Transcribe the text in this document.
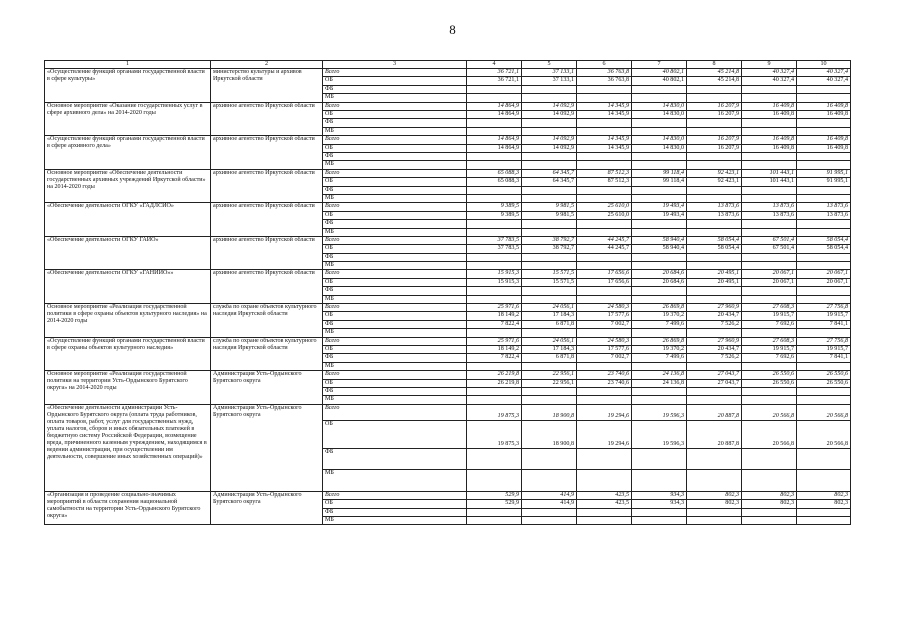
8
1	2	3	4	5	6	7	8	9	10
«Осуществление функций органами государственной власти в сфере культуры»	министерство культуры и архивов Иркутской области	Всего	36 721,1	37 133,1	36 763,8	40 802,1	45 214,8	40 327,4	40 327,4
		ОБ	36 721,1	37 133,1	36 763,8	40 802,1	45 214,8	40 327,4	40 327,4
		ФБ							
		МБ							
Основное мероприятие «Оказание государственных услуг в сфере архивного дела» на 2014-2020 годы	архивное агентство Иркутской области	Всего	14 864,9	14 092,9	14 345,9	14 830,0	16 207,9	16 409,8	16 409,8
		ОБ	14 864,9	14 092,9	14 345,9	14 830,0	16 207,9	16 409,8	16 409,8
		ФБ							
		МБ							
«Осуществление функций органами государственной власти в сфере архивного дела»	архивное агентство Иркутской области	Всего	14 864,9	14 092,9	14 345,9	14 830,0	16 207,9	16 409,8	16 409,8
		ОБ	14 864,9	14 092,9	14 345,9	14 830,0	16 207,9	16 409,8	16 409,8
		ФБ							
		МБ							
Основное мероприятие «Обеспечение деятельности государственных архивных учреждений Иркутской области» на 2014-2020 годы	архивное агентство Иркутской области	Всего	65 088,3	64 345,7	87 512,3	99 118,4	92 423,1	101 443,1	91 995,1
		ОБ	65 088,3	64 345,7	87 512,3	99 118,4	92 423,1	101 443,1	91 995,1
		ФБ							
		МБ							
«Обеспечение деятельности ОГКУ «ГАДЛСИО»	архивное агентство Иркутской области	Всего	9 389,5	9 981,5	25 610,0	19 493,4	13 873,6	13 873,6	13 873,6
		ОБ	9 389,5	9 981,5	25 610,0	19 493,4	13 873,6	13 873,6	13 873,6
		ФБ							
		МБ							
«Обеспечение деятельности ОГКУ ГАИО»	архивное агентство Иркутской области	Всего	37 783,5	38 792,7	44 245,7	58 940,4	58 054,4	67 501,4	58 054,4
		ОБ	37 783,5	38 792,7	44 245,7	58 940,4	58 054,4	67 501,4	58 054,4
		ФБ							
		МБ							
«Обеспечение деятельности ОГКУ «ГАНИИО»»	архивное агентство Иркутской области	Всего	15 915,3	15 571,5	17 656,6	20 684,6	20 495,1	20 067,1	20 067,1
		ОБ	15 915,3	15 571,5	17 656,6	20 684,6	20 495,1	20 067,1	20 067,1
		ФБ							
		МБ							
Основное мероприятие «Реализация государственной политики в сфере охраны объектов культурного наследия» на 2014-2020 годы	служба по охране объектов культурного наследия Иркутской области	Всего	25 971,6	24 056,1	24 580,3	26 869,8	27 960,9	27 608,3	27 756,8
		ОБ	18 149,2	17 184,3	17 577,6	19 370,2	20 434,7	19 915,7	19 915,7
		ФБ	7 822,4	6 871,8	7 002,7	7 499,6	7 526,2	7 692,6	7 841,1
		МБ							
«Осуществление функций органами государственной власти в сфере охраны объектов культурного наследия»	служба по охране объектов культурного наследия Иркутской области	Всего	25 971,6	24 056,1	24 580,3	26 869,8	27 960,9	27 608,3	27 756,8
		ОБ	18 149,2	17 184,3	17 577,6	19 370,2	20 434,7	19 915,7	19 915,7
		ФБ	7 822,4	6 871,8	7 002,7	7 499,6	7 526,2	7 692,6	7 841,1
		МБ							
Основное мероприятие «Реализация государственной политики на территории Усть-Ордынского Бурятского округа» на 2014-2020 годы	Администрация Усть-Ордынского Бурятского округа	Всего	26 219,8	22 956,1	23 740,6	24 136,8	27 043,7	26 550,6	26 550,6
		ОБ	26 219,8	22 956,1	23 740,6	24 136,8	27 043,7	26 550,6	26 550,6
		ФБ							
		МБ							
«Обеспечение деятельности администрации Усть-Ордынского Бурятского округа (оплата труда работников, оплата товаров, работ, услуг для государственных нужд, уплата налогов, сборов и иных обязательных платежей в бюджетную систему Российской Федерации, возмещение вреда, причиненного казенным учреждением, находящимся в ведении администрации, при осуществлении им деятельности, совершение иных хозяйственных операций)»	Администрация Усть-Ордынского Бурятского округа	Всего	19 875,3	18 900,8	19 294,6	19 596,3	20 887,8	20 566,8	20 566,8
		ОБ	19 875,3	18 900,8	19 294,6	19 596,3	20 887,8	20 566,8	20 566,8
		ФБ							
		МБ							
«Организация и проведение социально-значимых мероприятий в области сохранения национальной самобытности на территории Усть-Ордынского Бурятского округа»	Администрация Усть-Ордынского Бурятского округа	Всего	529,9	414,9	423,5	934,3	802,3	802,3	802,3
		ОБ	529,9	414,9	423,5	934,3	802,3	802,3	802,3
		ФБ							
		МБ							
